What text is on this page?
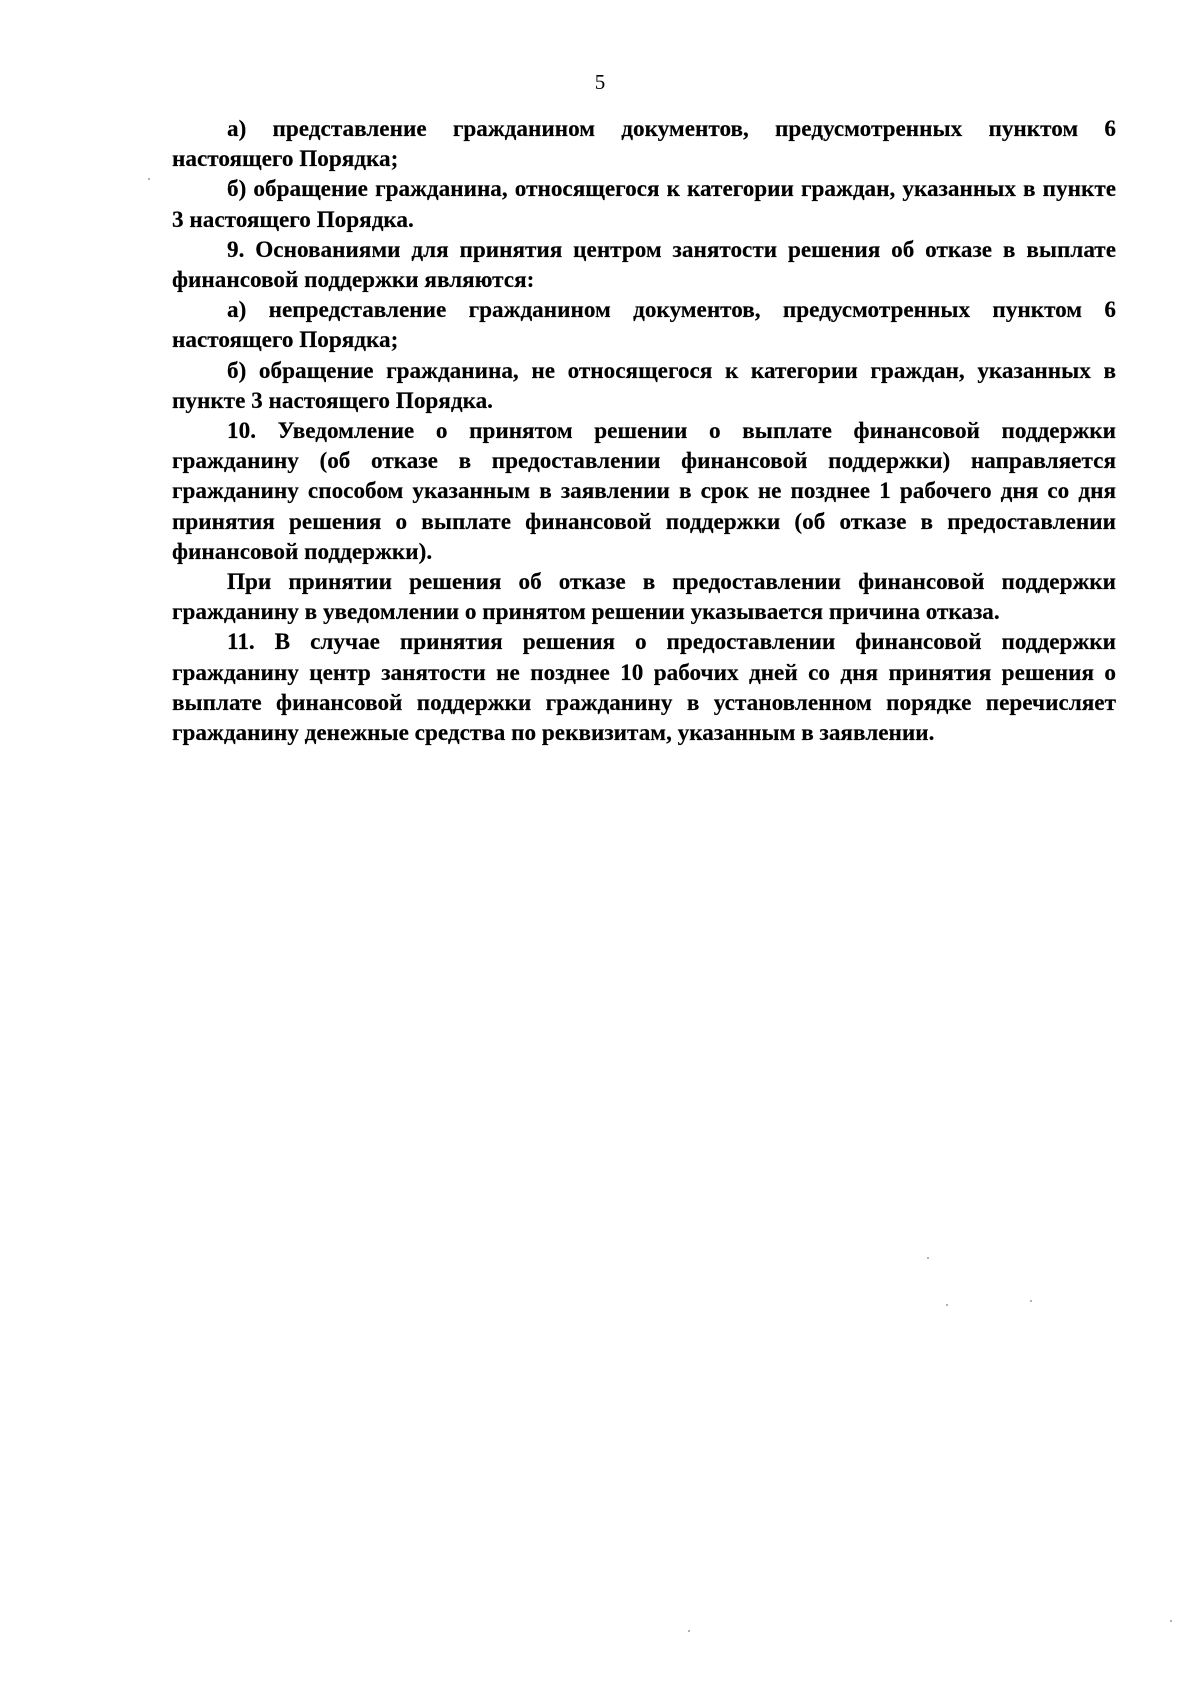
5

а) представление гражданином документов, предусмотренных пунктом 6 настоящего Порядка;

б) обращение гражданина, относящегося к категории граждан, указанных в пункте 3 настоящего Порядка.

9. Основаниями для принятия центром занятости решения об отказе в выплате финансовой поддержки являются:

а) непредставление гражданином документов, предусмотренных пунктом 6 настоящего Порядка;

б) обращение гражданина, не относящегося к категории граждан, указанных в пункте 3 настоящего Порядка.

10. Уведомление о принятом решении о выплате финансовой поддержки гражданину (об отказе в предоставлении финансовой поддержки) направляется гражданину способом указанным в заявлении в срок не позднее 1 рабочего дня со дня принятия решения о выплате финансовой поддержки (об отказе в предоставлении финансовой поддержки).

При принятии решения об отказе в предоставлении финансовой поддержки гражданину в уведомлении о принятом решении указывается причина отказа.

11. В случае принятия решения о предоставлении финансовой поддержки гражданину центр занятости не позднее 10 рабочих дней со дня принятия решения о выплате финансовой поддержки гражданину в установленном порядке перечисляет гражданину денежные средства по реквизитам, указанным в заявлении.
